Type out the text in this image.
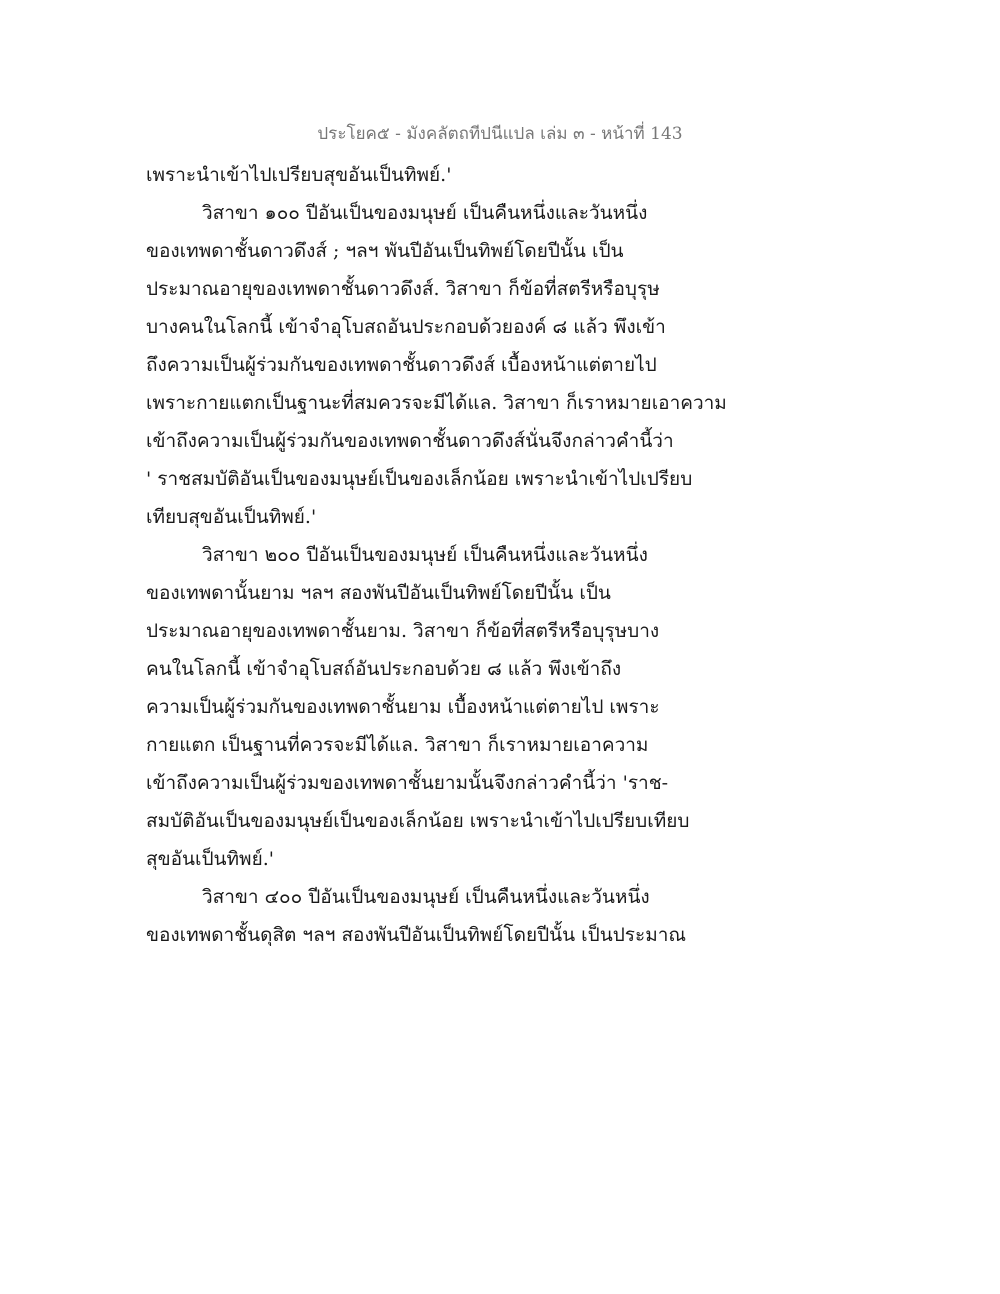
ประโยค๕ - มังคลัตถทีปนีแปล เล่ม ๓ - หน้าที่ 143
เพราะนำเข้าไปเปรียบสุขอันเป็นทิพย์.'
วิสาขา ๑๐๐ ปีอันเป็นของมนุษย์ เป็นคืนหนึ่งและวันหนึ่ง
ของเทพดาชั้นดาวดึงส์ ; ฯลฯ พันปีอันเป็นทิพย์โดยปีนั้น เป็น
ประมาณอายุของเทพดาชั้นดาวดึงส์. วิสาขา ก็ข้อที่สตรีหรือบุรุษ
บางคนในโลกนี้ เข้าจำอุโบสถอันประกอบด้วยองค์ ๘ แล้ว พึงเข้า
ถึงความเป็นผู้ร่วมกันของเทพดาชั้นดาวดึงส์ เบื้องหน้าแต่ตายไป
เพราะกายแตกเป็นฐานะที่สมควรจะมีได้แล. วิสาขา ก็เราหมายเอาความ
เข้าถึงความเป็นผู้ร่วมกันของเทพดาชั้นดาวดึงส์นั่นจึงกล่าวคำนี้ว่า
' ราชสมบัติอันเป็นของมนุษย์เป็นของเล็กน้อย เพราะนำเข้าไปเปรียบ
เทียบสุขอันเป็นทิพย์.'
วิสาขา ๒๐๐ ปีอันเป็นของมนุษย์ เป็นคืนหนึ่งและวันหนึ่ง
ของเทพดานั้นยาม ฯลฯ สองพันปีอันเป็นทิพย์โดยปีนั้น เป็น
ประมาณอายุของเทพดาชั้นยาม. วิสาขา ก็ข้อที่สตรีหรือบุรุษบาง
คนในโลกนี้ เข้าจำอุโบสถ์อันประกอบด้วย ๘ แล้ว พึงเข้าถึง
ความเป็นผู้ร่วมกันของเทพดาชั้นยาม เบื้องหน้าแต่ตายไป เพราะ
กายแตก เป็นฐานที่ควรจะมีได้แล. วิสาขา ก็เราหมายเอาความ
เข้าถึงความเป็นผู้ร่วมของเทพดาชั้นยามนั้นจึงกล่าวคำนี้ว่า 'ราช-
สมบัติอันเป็นของมนุษย์เป็นของเล็กน้อย เพราะนำเข้าไปเปรียบเทียบ
สุขอันเป็นทิพย์.'
วิสาขา ๔๐๐ ปีอันเป็นของมนุษย์ เป็นคืนหนึ่งและวันหนึ่ง
ของเทพดาชั้นดุสิต ฯลฯ สองพันปีอันเป็นทิพย์โดยปีนั้น เป็นประมาณ
